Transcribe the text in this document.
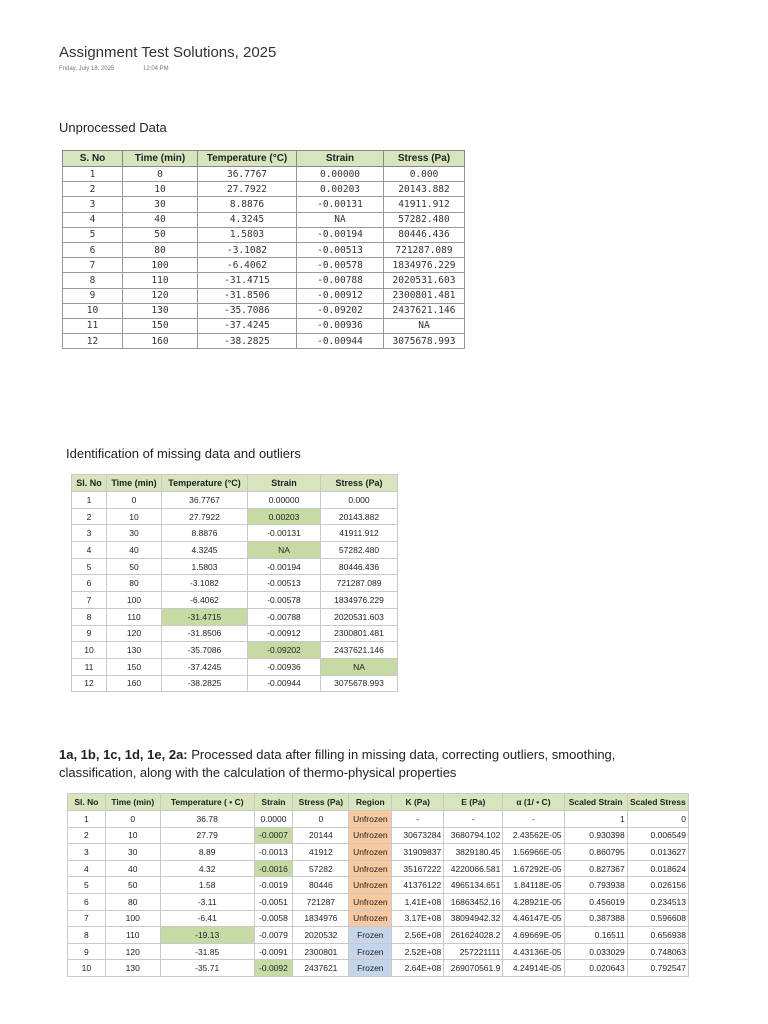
Assignment Test Solutions, 2025
Friday, July 18, 2025	12:04 PM
Unprocessed Data
S. No	Time (min)	Temperature (°C)	Strain	Stress (Pa)
1	0	36.7767	0.00000	0.000
2	10	27.7922	0.00203	20143.882
3	30	8.8876	-0.00131	41911.912
4	40	4.3245	NA	57282.480
5	50	1.5803	-0.00194	80446.436
6	80	-3.1082	-0.00513	721287.089
7	100	-6.4062	-0.00578	1834976.229
8	110	-31.4715	-0.00788	2020531.603
9	120	-31.8506	-0.00912	2300801.481
10	130	-35.7086	-0.09202	2437621.146
11	150	-37.4245	-0.00936	NA
12	160	-38.2825	-0.00944	3075678.993
Identification of missing data and outliers
Sl. No	Time (min)	Temperature (°C)	Strain	Stress (Pa)
1	0	36.7767	0.00000	0.000
2	10	27.7922	0.00203	20143.882
3	30	8.8876	-0.00131	41911.912
4	40	4.3245	NA	57282.480
5	50	1.5803	-0.00194	80446.436
6	80	-3.1082	-0.00513	721287.089
7	100	-6.4062	-0.00578	1834976.229
8	110	-31.4715	-0.00788	2020531.603
9	120	-31.8506	-0.00912	2300801.481
10	130	-35.7086	-0.09202	2437621.146
11	150	-37.4245	-0.00936	NA
12	160	-38.2825	-0.00944	3075678.993
1a, 1b, 1c, 1d, 1e, 2a: Processed data after filling in missing data, correcting outliers, smoothing, classification, along with the calculation of thermo-physical properties
Sl. No	Time (min)	Temperature ( • C)	Strain	Stress (Pa)	Region	K (Pa)	E (Pa)	α (1/ • C)	Scaled Strain	Scaled Stress
1	0	36.78	0.0000	0	Unfrozen	-	-	-	1	0
2	10	27.79	-0.0007	20144	Unfrozen	30673284	3680794.102	2.43562E-05	0.930398	0.006549
3	30	8.89	-0.0013	41912	Unfrozen	31909837	3829180.45	1.56966E-05	0.860795	0.013627
4	40	4.32	-0.0016	57282	Unfrozen	35167222	4220066.581	1.67292E-05	0.827367	0.018624
5	50	1.58	-0.0019	80446	Unfrozen	41376122	4965134.651	1.84118E-05	0.793938	0.026156
6	80	-3.11	-0.0051	721287	Unfrozen	1.41E+08	16863452.16	4.28921E-05	0.456019	0.234513
7	100	-6.41	-0.0058	1834976	Unfrozen	3.17E+08	38094942.32	4.46147E-05	0.387388	0.596608
8	110	-19.13	-0.0079	2020532	Frozen	2.56E+08	261624028.2	4.69669E-05	0.16511	0.656938
9	120	-31.85	-0.0091	2300801	Frozen	2.52E+08	257221111	4.43136E-05	0.033029	0.748063
10	130	-35.71	-0.0092	2437621	Frozen	2.64E+08	269070561.9	4.24914E-05	0.020643	0.792547
